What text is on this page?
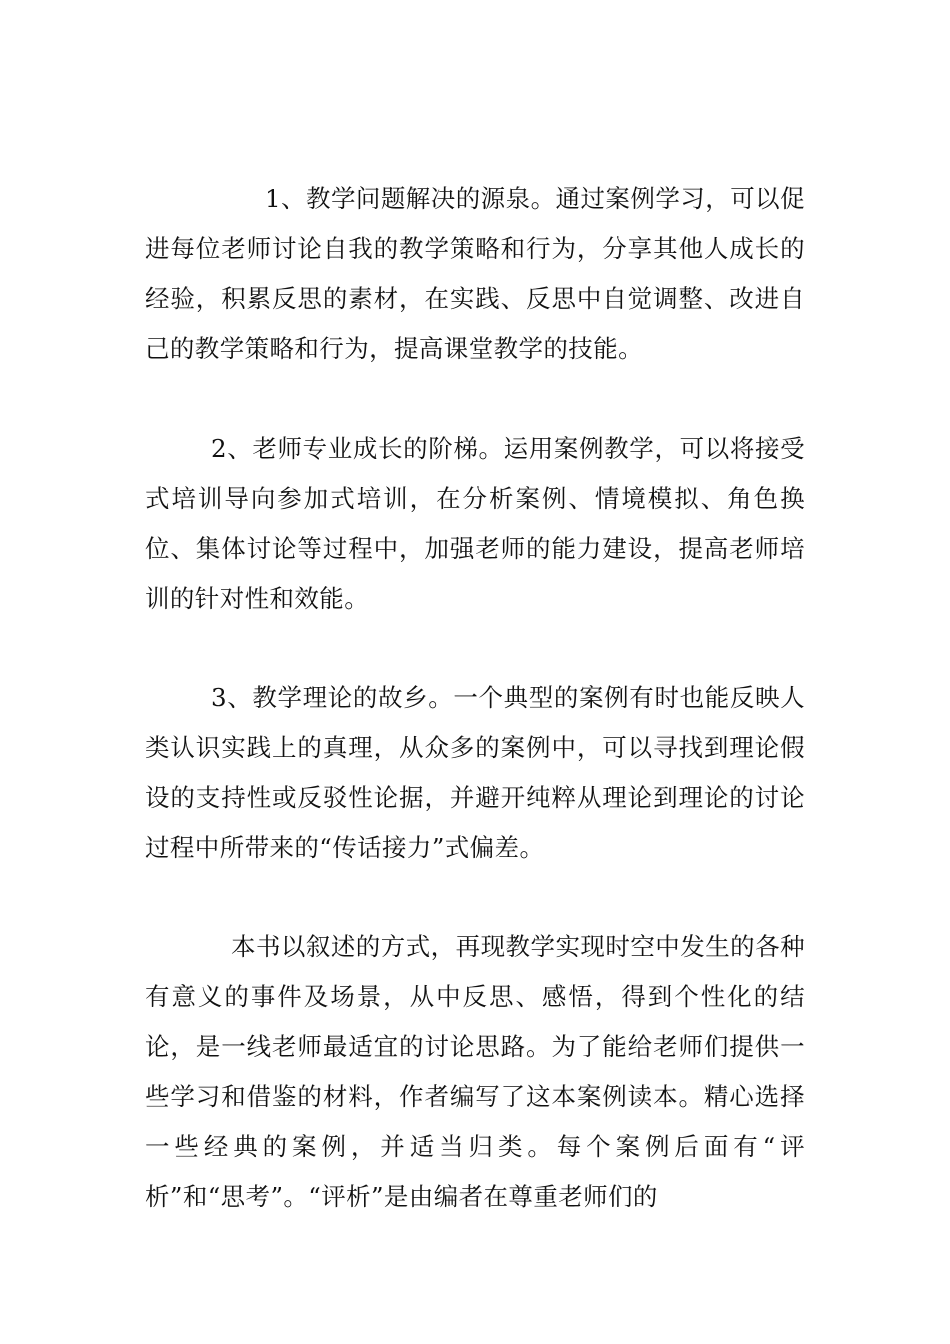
1、教学问题解决的源泉。通过案例学习，可以促进每位老师讨论自我的教学策略和行为，分享其他人成长的经验，积累反思的素材，在实践、反思中自觉调整、改进自己的教学策略和行为，提高课堂教学的技能。

2、老师专业成长的阶梯。运用案例教学，可以将接受式培训导向参加式培训，在分析案例、情境模拟、角色换位、集体讨论等过程中，加强老师的能力建设，提高老师培训的针对性和效能。

3、教学理论的故乡。一个典型的案例有时也能反映人类认识实践上的真理，从众多的案例中，可以寻找到理论假设的支持性或反驳性论据，并避开纯粹从理论到理论的讨论过程中所带来的“传话接力”式偏差。

本书以叙述的方式，再现教学实现时空中发生的各种有意义的事件及场景，从中反思、感悟，得到个性化的结论，是一线老师最适宜的讨论思路。为了能给老师们提供一些学习和借鉴的材料，作者编写了这本案例读本。精心选择一些经典的案例，并适当归类。每个案例后面有“评析”和“思考”。“评析”是由编者在尊重老师们的
